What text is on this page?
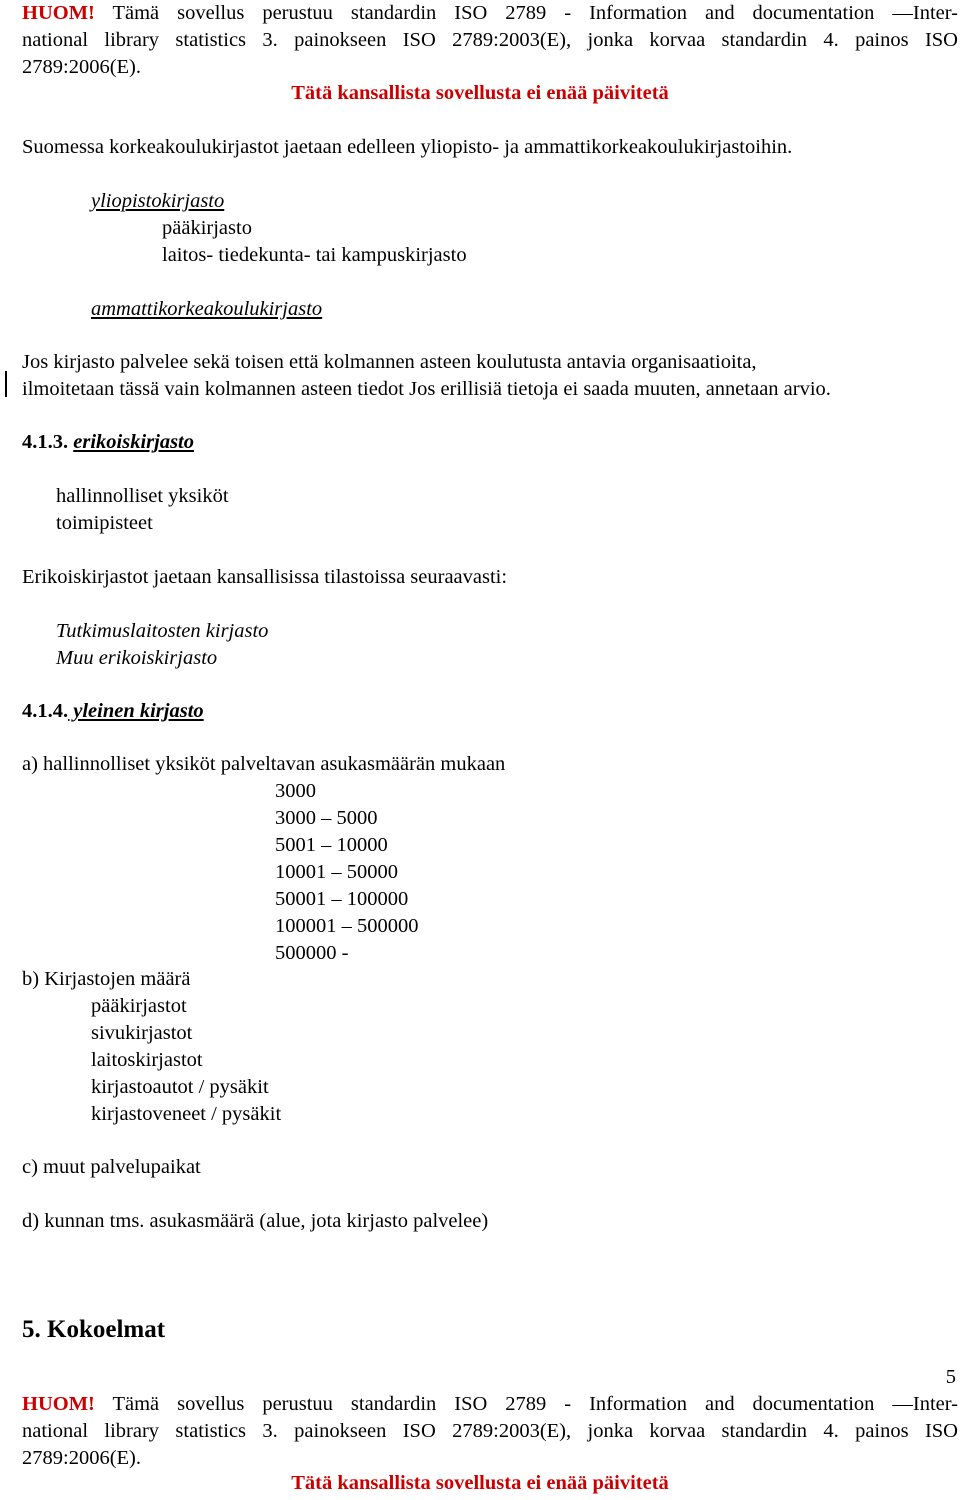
HUOM! Tämä sovellus perustuu standardin ISO 2789 - Information and documentation —Inter-
national library statistics 3. painokseen ISO 2789:2003(E), jonka korvaa standardin 4. painos ISO
2789:2006(E).
Tätä kansallista sovellusta ei enää päivitetä
Suomessa korkeakoulukirjastot jaetaan edelleen yliopisto- ja ammattikorkeakoulukirjastoihin.
yliopistokirjasto
pääkirjasto
laitos- tiedekunta- tai kampuskirjasto
ammattikorkeakoulukirjasto
Jos kirjasto palvelee sekä toisen että kolmannen asteen koulutusta antavia organisaatioita,
ilmoitetaan tässä vain kolmannen asteen tiedot Jos erillisiä tietoja ei saada muuten, annetaan arvio.
4.1.3. erikoiskirjasto
hallinnolliset yksiköt
toimipisteet
Erikoiskirjastot jaetaan kansallisissa tilastoissa seuraavasti:
Tutkimuslaitosten kirjasto
Muu erikoiskirjasto
4.1.4. yleinen kirjasto
a) hallinnolliset yksiköt palveltavan asukasmäärän mukaan
3000
3000 – 5000
5001 – 10000
10001 – 50000
50001 – 100000
100001 – 500000
500000 -
b) Kirjastojen määrä
pääkirjastot
sivukirjastot
laitoskirjastot
kirjastoautot / pysäkit
kirjastoveneet / pysäkit
c) muut palvelupaikat
d) kunnan tms. asukasmäärä (alue, jota kirjasto palvelee)
5. Kokoelmat
5
HUOM! Tämä sovellus perustuu standardin ISO 2789 - Information and documentation —Inter-
national library statistics 3. painokseen ISO 2789:2003(E), jonka korvaa standardin 4. painos ISO
2789:2006(E).
Tätä kansallista sovellusta ei enää päivitetä
